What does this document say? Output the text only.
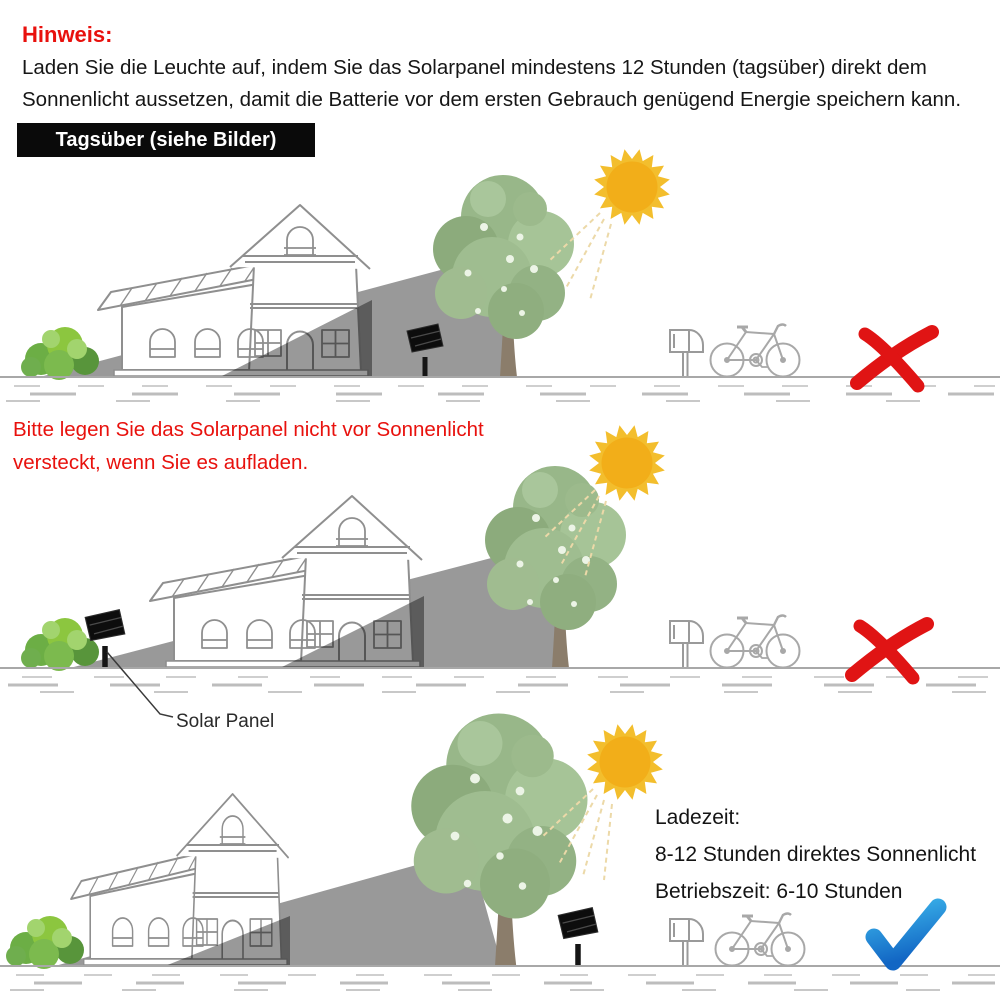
Hinweis:
Laden Sie die Leuchte auf, indem Sie das Solarpanel mindestens 12 Stunden (tagsüber) direkt dem
Sonnenlicht aussetzen, damit die Batterie vor dem ersten Gebrauch genügend Energie speichern kann.
Tagsüber (siehe Bilder)
Bitte legen Sie das Solarpanel nicht vor Sonnenlicht
versteckt, wenn Sie es aufladen.
Solar Panel
Ladezeit:
8-12 Stunden direktes Sonnenlicht
Betriebszeit: 6-10 Stunden
